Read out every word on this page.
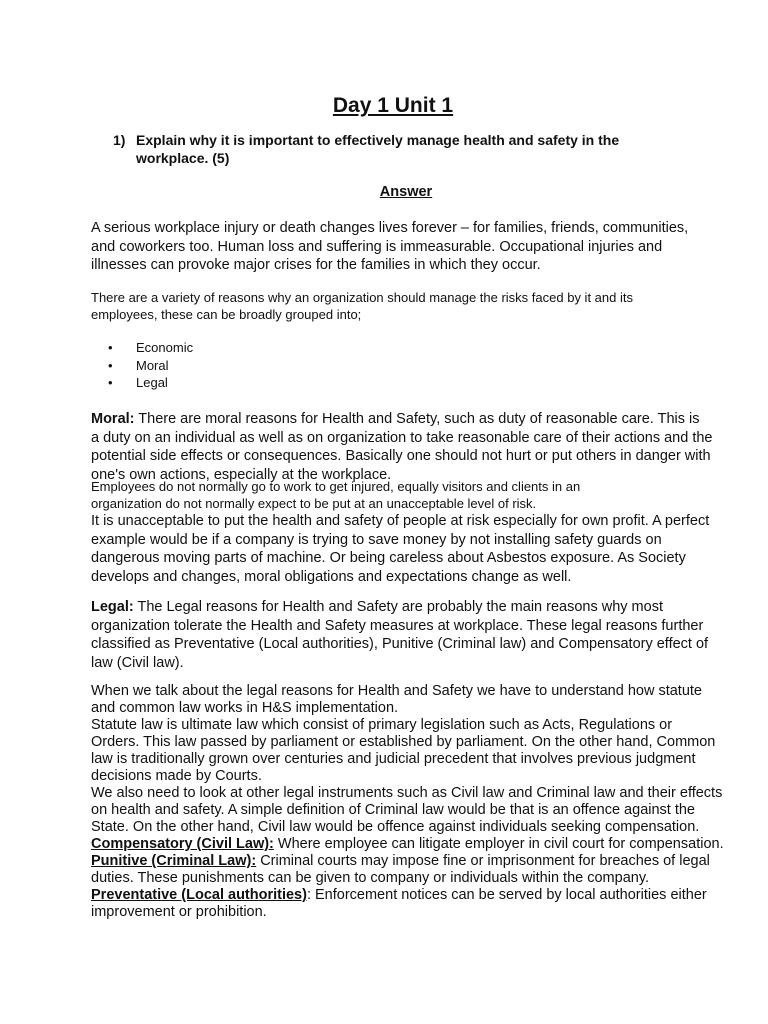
Day 1 Unit 1
1) Explain why it is important to effectively manage health and safety in the workplace. (5)
Answer
A serious workplace injury or death changes lives forever – for families, friends, communities,
and coworkers too. Human loss and suffering is immeasurable. Occupational injuries and
illnesses can provoke major crises for the families in which they occur.
There are a variety of reasons why an organization should manage the risks faced by it and its
employees, these can be broadly grouped into;
• Economic
• Moral
• Legal
Moral: There are moral reasons for Health and Safety, such as duty of reasonable care. This is
a duty on an individual as well as on organization to take reasonable care of their actions and the
potential side effects or consequences. Basically one should not hurt or put others in danger with
one's own actions, especially at the workplace.
Employees do not normally go to work to get injured, equally visitors and clients in an
organization do not normally expect to be put at an unacceptable level of risk.
It is unacceptable to put the health and safety of people at risk especially for own profit. A perfect
example would be if a company is trying to save money by not installing safety guards on
dangerous moving parts of machine. Or being careless about Asbestos exposure. As Society
develops and changes, moral obligations and expectations change as well.
Legal: The Legal reasons for Health and Safety are probably the main reasons why most
organization tolerate the Health and Safety measures at workplace. These legal reasons further
classified as Preventative (Local authorities), Punitive (Criminal law) and Compensatory effect of
law (Civil law).
When we talk about the legal reasons for Health and Safety we have to understand how statute
and common law works in H&S implementation.
Statute law is ultimate law which consist of primary legislation such as Acts, Regulations or
Orders. This law passed by parliament or established by parliament. On the other hand, Common
law is traditionally grown over centuries and judicial precedent that involves previous judgment
decisions made by Courts.
We also need to look at other legal instruments such as Civil law and Criminal law and their effects
on health and safety. A simple definition of Criminal law would be that is an offence against the
State. On the other hand, Civil law would be offence against individuals seeking compensation.
Compensatory (Civil Law): Where employee can litigate employer in civil court for compensation.
Punitive (Criminal Law): Criminal courts may impose fine or imprisonment for breaches of legal
duties. These punishments can be given to company or individuals within the company.
Preventative (Local authorities): Enforcement notices can be served by local authorities either
improvement or prohibition.
